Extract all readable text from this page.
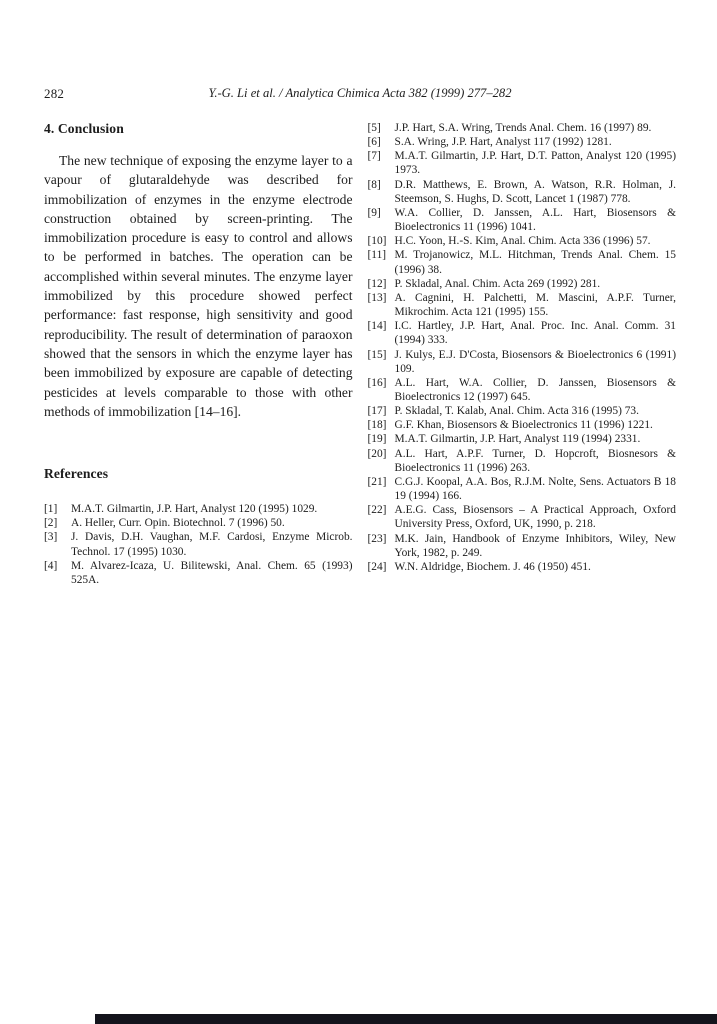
282	Y.-G. Li et al. / Analytica Chimica Acta 382 (1999) 277–282
4. Conclusion

The new technique of exposing the enzyme layer to a vapour of glutaraldehyde was described for immobilization of enzymes in the enzyme electrode construction obtained by screen-printing. The immobilization procedure is easy to control and allows to be performed in batches. The operation can be accomplished within several minutes. The enzyme layer immobilized by this procedure showed perfect performance: fast response, high sensitivity and good reproducibility. The result of determination of paraoxon showed that the sensors in which the enzyme layer has been immobilized by exposure are capable of detecting pesticides at levels comparable to those with other methods of immobilization [14–16].

References
[1]	M.A.T. Gilmartin, J.P. Hart, Analyst 120 (1995) 1029.
[2]	A. Heller, Curr. Opin. Biotechnol. 7 (1996) 50.
[3]	J. Davis, D.H. Vaughan, M.F. Cardosi, Enzyme Microb. Technol. 17 (1995) 1030.
[4]	M. Alvarez-Icaza, U. Bilitewski, Anal. Chem. 65 (1993) 525A.
[5]	J.P. Hart, S.A. Wring, Trends Anal. Chem. 16 (1997) 89.
[6]	S.A. Wring, J.P. Hart, Analyst 117 (1992) 1281.
[7]	M.A.T. Gilmartin, J.P. Hart, D.T. Patton, Analyst 120 (1995) 1973.
[8]	D.R. Matthews, E. Brown, A. Watson, R.R. Holman, J. Steemson, S. Hughs, D. Scott, Lancet 1 (1987) 778.
[9]	W.A. Collier, D. Janssen, A.L. Hart, Biosensors & Bioelectronics 11 (1996) 1041.
[10] H.C. Yoon, H.-S. Kim, Anal. Chim. Acta 336 (1996) 57.
[11] M. Trojanowicz, M.L. Hitchman, Trends Anal. Chem. 15 (1996) 38.
[12] P. Skladal, Anal. Chim. Acta 269 (1992) 281.
[13] A. Cagnini, H. Palchetti, M. Mascini, A.P.F. Turner, Mikrochim. Acta 121 (1995) 155.
[14] I.C. Hartley, J.P. Hart, Anal. Proc. Inc. Anal. Comm. 31 (1994) 333.
[15] J. Kulys, E.J. D'Costa, Biosensors & Bioelectronics 6 (1991) 109.
[16] A.L. Hart, W.A. Collier, D. Janssen, Biosensors & Bioelectronics 12 (1997) 645.
[17] P. Skladal, T. Kalab, Anal. Chim. Acta 316 (1995) 73.
[18] G.F. Khan, Biosensors & Bioelectronics 11 (1996) 1221.
[19] M.A.T. Gilmartin, J.P. Hart, Analyst 119 (1994) 2331.
[20] A.L. Hart, A.P.F. Turner, D. Hopcroft, Biosnesors & Bioelectronics 11 (1996) 263.
[21] C.G.J. Koopal, A.A. Bos, R.J.M. Nolte, Sens. Actuators B 18 19 (1994) 166.
[22] A.E.G. Cass, Biosensors – A Practical Approach, Oxford University Press, Oxford, UK, 1990, p. 218.
[23] M.K. Jain, Handbook of Enzyme Inhibitors, Wiley, New York, 1982, p. 249.
[24] W.N. Aldridge, Biochem. J. 46 (1950) 451.
